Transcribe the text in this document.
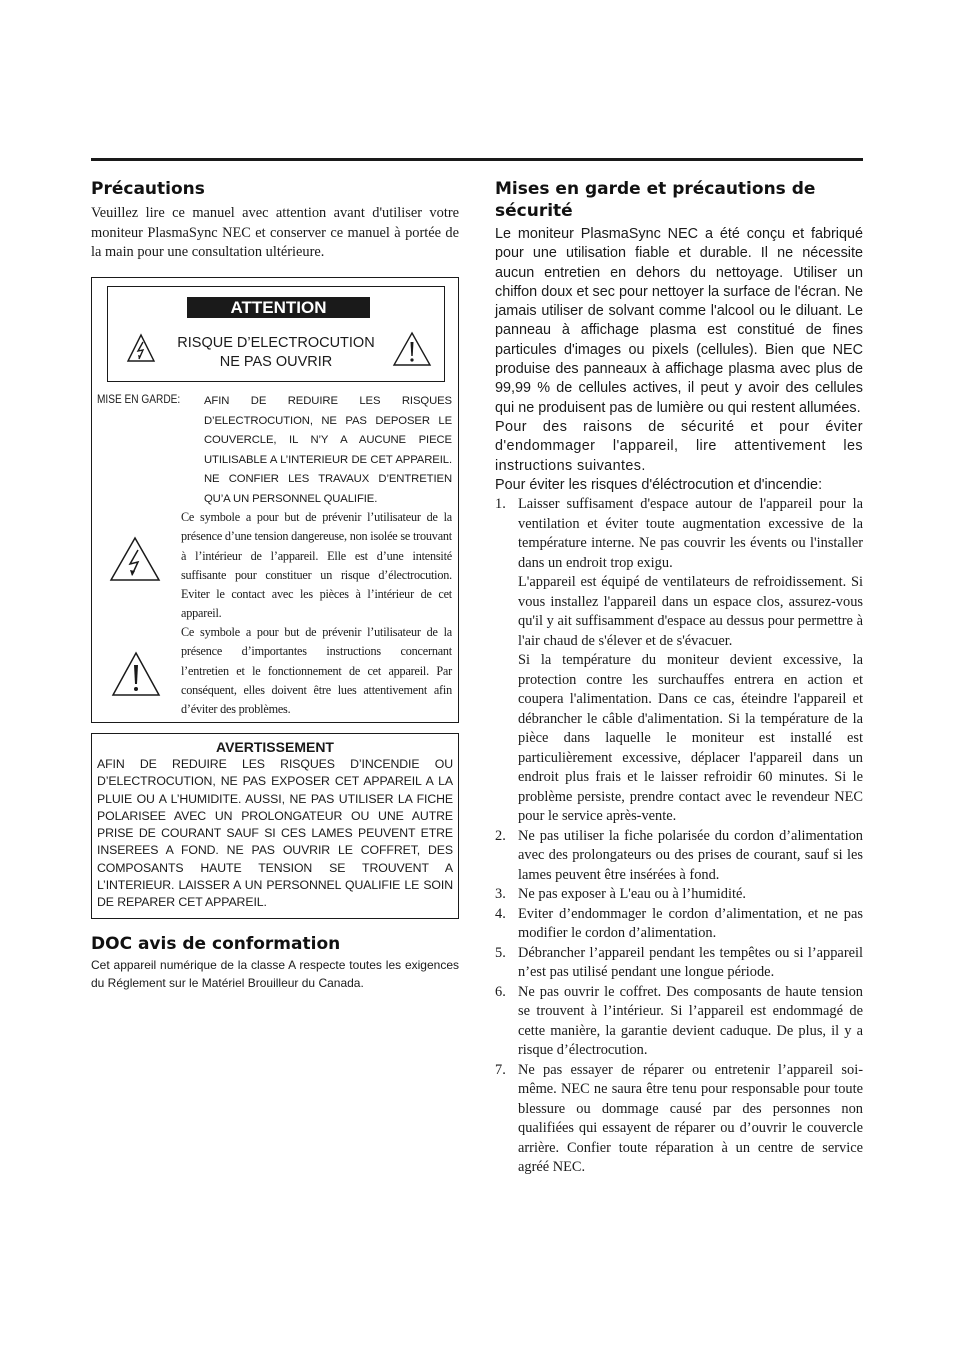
Précautions

Veuillez lire ce manuel avec attention avant d'utiliser votre moniteur PlasmaSync NEC et conserver ce manuel à portée de la main pour une consultation ultérieure.

ATTENTION
RISQUE D’ELECTROCUTION
NE PAS OUVRIR
MISE EN GARDE: AFIN DE REDUIRE LES RISQUES D’ELECTROCUTION, NE PAS DEPOSER LE COUVERCLE, IL N’Y A AUCUNE PIECE UTILISABLE A L’INTERIEUR DE CET APPAREIL. NE CONFIER LES TRAVAUX D’ENTRETIEN QU’A UN PERSONNEL QUALIFIE.
Ce symbole a pour but de prévenir l’utilisateur de la présence d’une tension dangereuse, non isolée se trouvant à l’intérieur de l’appareil. Elle est d’une intensité suffisante pour constituer un risque d’électrocution. Eviter le contact avec les pièces à l’intérieur de cet appareil.
Ce symbole a pour but de prévenir l’utilisateur de la présence d’importantes instructions concernant l’entretien et le fonctionnement de cet appareil. Par conséquent, elles doivent être lues attentivement afin d’éviter des problèmes.
AVERTISSEMENT
AFIN DE REDUIRE LES RISQUES D’INCENDIE OU D’ELECTROCUTION, NE PAS EXPOSER CET APPAREIL A LA PLUIE OU A L’HUMIDITE. AUSSI, NE PAS UTILISER LA FICHE POLARISEE AVEC UN PROLONGATEUR OU UNE AUTRE PRISE DE COURANT SAUF SI CES LAMES PEUVENT ETRE INSEREES A FOND. NE PAS OUVRIR LE COFFRET, DES COMPOSANTS HAUTE TENSION SE TROUVENT A L’INTERIEUR. LAISSER A UN PERSONNEL QUALIFIE LE SOIN DE REPARER CET APPAREIL.
DOC avis de conformation
Cet appareil numérique de la classe A respecte toutes les exigences du Réglement sur le Matériel Brouilleur du Canada.
Mises en garde et précautions de sécurité

Le moniteur PlasmaSync NEC a été conçu et fabriqué pour une utilisation fiable et durable. Il ne nécessite aucun entretien en dehors du nettoyage. Utiliser un chiffon doux et sec pour nettoyer la surface de l'écran. Ne jamais utiliser de solvant comme l'alcool ou le diluant. Le panneau à affichage plasma est constitué de fines particules d'images ou pixels (cellules). Bien que NEC produise des panneaux à affichage plasma avec plus de 99,99 % de cellules actives, il peut y avoir des cellules qui ne produisent pas de lumière ou qui restent allumées.

Pour des raisons de sécurité et pour éviter d'endommager l'appareil, lire attentivement les instructions suivantes.

Pour éviter les risques d'éléctrocution et d'incendie:

1. Laisser suffisament d'espace autour de l'appareil pour la ventilation et éviter toute augmentation excessive de la température interne. Ne pas couvrir les évents ou l'installer dans un endroit trop exigu.

L'appareil est équipé de ventilateurs de refroidissement. Si vous installez l'appareil dans un espace clos, assurez-vous qu'il y ait suffisamment d'espace au dessus pour permettre à l'air chaud de s'élever et de s'évacuer.

Si la température du moniteur devient excessive, la protection contre les surchauffes entrera en action et coupera l'alimentation. Dans ce cas, éteindre l'appareil et débrancher le câble d'alimentation. Si la température de la pièce dans laquelle le moniteur est installé est particulièrement excessive, déplacer l'appareil dans un endroit plus frais et le laisser refroidir 60 minutes. Si le problème persiste, prendre contact avec le revendeur NEC pour le service après-vente.

2. Ne pas utiliser la fiche polarisée du cordon d’alimentation avec des prolongateurs ou des prises de courant, sauf si les lames peuvent être insérées à fond.

3. Ne pas exposer à L'eau ou à l’humidité.

4. Eviter d’endommager le cordon d’alimentation, et ne pas modifier le cordon d’alimentation.

5. Débrancher l’appareil pendant les tempêtes ou si l’appareil n’est pas utilisé pendant une longue période.

6. Ne pas ouvrir le coffret. Des composants de haute tension se trouvent à l’intérieur. Si l’appareil est endommagé de cette manière, la garantie devient caduque. De plus, il y a risque d’électrocution.

7. Ne pas essayer de réparer ou entretenir l’appareil soi-même. NEC ne saura être tenu pour responsable pour toute blessure ou dommage causé par des personnes non qualifiées qui essayent de réparer ou d’ouvrir le couvercle arrière. Confier toute réparation à un centre de service agréé NEC.
